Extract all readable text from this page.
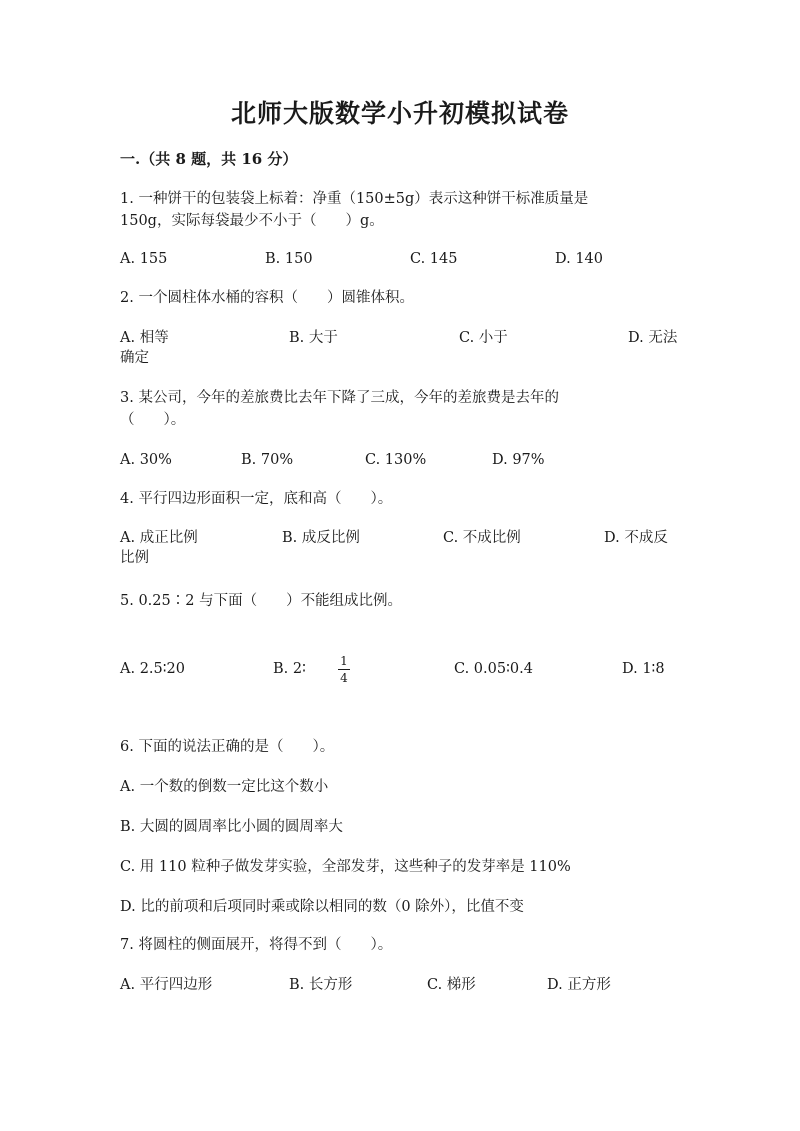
北师大版数学小升初模拟试卷
一.（共 8 题，共 16 分）
1. 一种饼干的包装袋上标着：净重（150±5g）表示这种饼干标准质量是
150g，实际每袋最少不小于（　　）g。
A. 155	B. 150	C. 145	D. 140
2. 一个圆柱体水桶的容积（　　）圆锥体积。
A. 相等	B. 大于	C. 小于	D. 无法
确定
3. 某公司，今年的差旅费比去年下降了三成，今年的差旅费是去年的
（　　）。
A. 30%	B. 70%	C. 130%	D. 97%
4. 平行四边形面积一定，底和高（　　）。
A. 成正比例	B. 成反比例	C. 不成比例	D. 不成反
比例
5. 0.25∶2 与下面（　　）不能组成比例。
A. 2.5∶20	B. 2∶	1
4
C. 0.05∶0.4	D. 1∶8
6. 下面的说法正确的是（　　）。
A. 一个数的倒数一定比这个数小
B. 大圆的圆周率比小圆的圆周率大
C. 用 110 粒种子做发芽实验，全部发芽，这些种子的发芽率是 110%
D. 比的前项和后项同时乘或除以相同的数（0 除外），比值不变
7. 将圆柱的侧面展开，将得不到（　　）。
A. 平行四边形	B. 长方形	C. 梯形	D. 正方形
